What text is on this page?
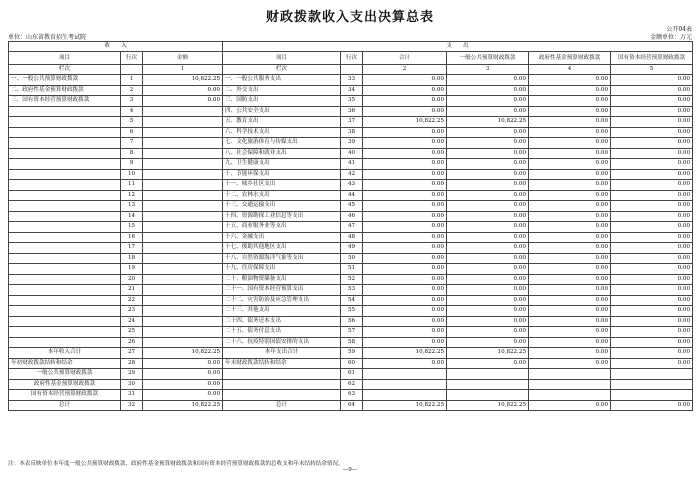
财政拨款收入支出决算总表
公开04表
单位：山东省教育招生考试院	金额单位：万元
收　　入			支　　出					
项目	行次	金额	项目	行次	合计	一般公共预算财政拨款	政府性基金预算财政拨款	国有资本经营预算财政拨款
栏次		1	栏次		2	3	4	5
一、一般公共预算财政拨款	1	10,822.25	一、一般公共服务支出	33	0.00	0.00	0.00	0.00
二、政府性基金预算财政拨款	2	0.00	二、外交支出	34	0.00	0.00	0.00	0.00
三、国有资本经营预算财政拨款	3	0.00	三、国防支出	35	0.00	0.00	0.00	0.00
	4		四、公共安全支出	36	0.00	0.00	0.00	0.00
	5		五、教育支出	37	10,822.25	10,822.25	0.00	0.00
	6		六、科学技术支出	38	0.00	0.00	0.00	0.00
	7		七、文化旅游体育与传媒支出	39	0.00	0.00	0.00	0.00
	8		八、社会保障和就业支出	40	0.00	0.00	0.00	0.00
	9		九、卫生健康支出	41	0.00	0.00	0.00	0.00
	10		十、节能环保支出	42	0.00	0.00	0.00	0.00
	11		十一、城乡社区支出	43	0.00	0.00	0.00	0.00
	12		十二、农林水支出	44	0.00	0.00	0.00	0.00
	13		十三、交通运输支出	45	0.00	0.00	0.00	0.00
	14		十四、资源勘探工业信息等支出	46	0.00	0.00	0.00	0.00
	15		十五、商业服务业等支出	47	0.00	0.00	0.00	0.00
	16		十六、金融支出	48	0.00	0.00	0.00	0.00
	17		十七、援助其他地区支出	49	0.00	0.00	0.00	0.00
	18		十八、自然资源海洋气象等支出	50	0.00	0.00	0.00	0.00
	19		十九、住房保障支出	51	0.00	0.00	0.00	0.00
	20		二十、粮油物资储备支出	52	0.00	0.00	0.00	0.00
	21		二十一、国有资本经营预算支出	53	0.00	0.00	0.00	0.00
	22		二十二、灾害防治及应急管理支出	54	0.00	0.00	0.00	0.00
	23		二十三、其他支出	55	0.00	0.00	0.00	0.00
	24		二十四、债务还本支出	56	0.00	0.00	0.00	0.00
	25		二十五、债务付息支出	57	0.00	0.00	0.00	0.00
	26		二十六、抗疫特别国债安排的支出	58	0.00	0.00	0.00	0.00
本年收入合计	27	10,822.25	本年支出合计	59	10,822.25	10,822.25	0.00	0.00
年初财政拨款结转和结余	28	0.00	年末财政拨款结转和结余	60	0.00	0.00	0.00	0.00
一般公共预算财政拨款	29	0.00		61				
政府性基金预算财政拨款	30	0.00		62				
国有资本经营预算财政拨款	31	0.00		63				
总计	32	10,822.25	总计	64	10,822.25	10,822.25	0.00	0.00
注：本表反映单位本年度一般公共预算财政拨款、政府性基金预算财政拨款和国有资本经营预算财政拨款的总收支和年末结转结余情况。
—9—
